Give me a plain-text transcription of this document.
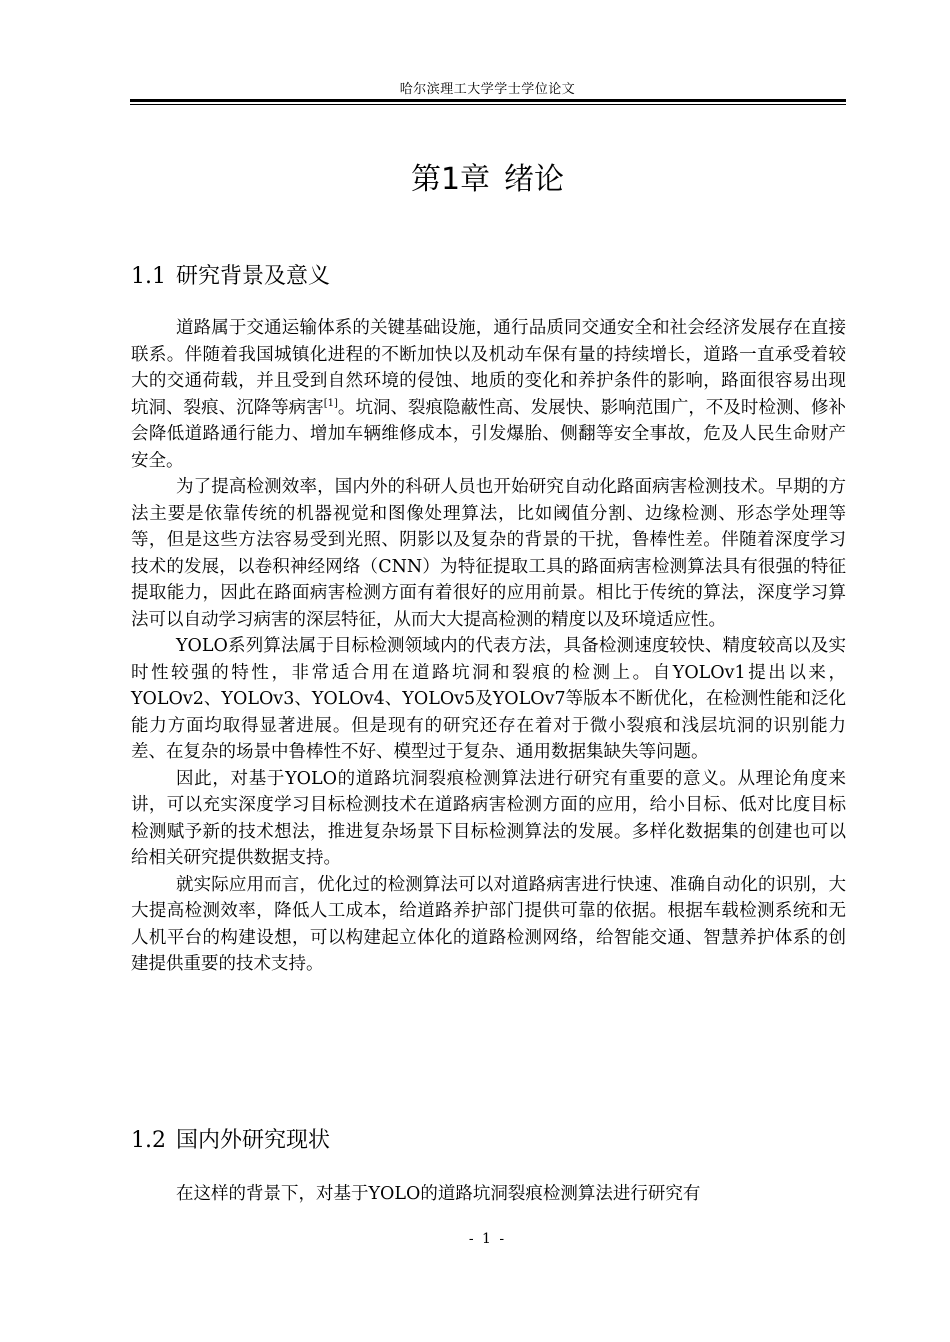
哈尔滨理工大学学士学位论文
第1章 绪论
1.1 研究背景及意义

道路属于交通运输体系的关键基础设施，通行品质同交通安全和社会经济发展存在直接联系。伴随着我国城镇化进程的不断加快以及机动车保有量的持续增长，道路一直承受着较大的交通荷载，并且受到自然环境的侵蚀、地质的变化和养护条件的影响，路面很容易出现坑洞、裂痕、沉降等病害[1]。坑洞、裂痕隐蔽性高、发展快、影响范围广，不及时检测、修补会降低道路通行能力、增加车辆维修成本，引发爆胎、侧翻等安全事故，危及人民生命财产安全。

为了提高检测效率，国内外的科研人员也开始研究自动化路面病害检测技术。早期的方法主要是依靠传统的机器视觉和图像处理算法，比如阈值分割、边缘检测、形态学处理等等，但是这些方法容易受到光照、阴影以及复杂的背景的干扰，鲁棒性差。伴随着深度学习技术的发展，以卷积神经网络（CNN）为特征提取工具的路面病害检测算法具有很强的特征提取能力，因此在路面病害检测方面有着很好的应用前景。相比于传统的算法，深度学习算法可以自动学习病害的深层特征，从而大大提高检测的精度以及环境适应性。

YOLO系列算法属于目标检测领域内的代表方法，具备检测速度较快、精度较高以及实时性较强的特性，非常适合用在道路坑洞和裂痕的检测上。自YOLOv1提出以来，YOLOv2、YOLOv3、YOLOv4、YOLOv5及YOLOv7等版本不断优化，在检测性能和泛化能力方面均取得显著进展。但是现有的研究还存在着对于微小裂痕和浅层坑洞的识别能力差、在复杂的场景中鲁棒性不好、模型过于复杂、通用数据集缺失等问题。

因此，对基于YOLO的道路坑洞裂痕检测算法进行研究有重要的意义。从理论角度来讲，可以充实深度学习目标检测技术在道路病害检测方面的应用，给小目标、低对比度目标检测赋予新的技术想法，推进复杂场景下目标检测算法的发展。多样化数据集的创建也可以给相关研究提供数据支持。

就实际应用而言，优化过的检测算法可以对道路病害进行快速、准确自动化的识别，大大提高检测效率，降低人工成本，给道路养护部门提供可靠的依据。根据车载检测系统和无人机平台的构建设想，可以构建起立体化的道路检测网络，给智能交通、智慧养护体系的创建提供重要的技术支持。

1.2 国内外研究现状

在这样的背景下，对基于YOLO的道路坑洞裂痕检测算法进行研究有

- 1 -
